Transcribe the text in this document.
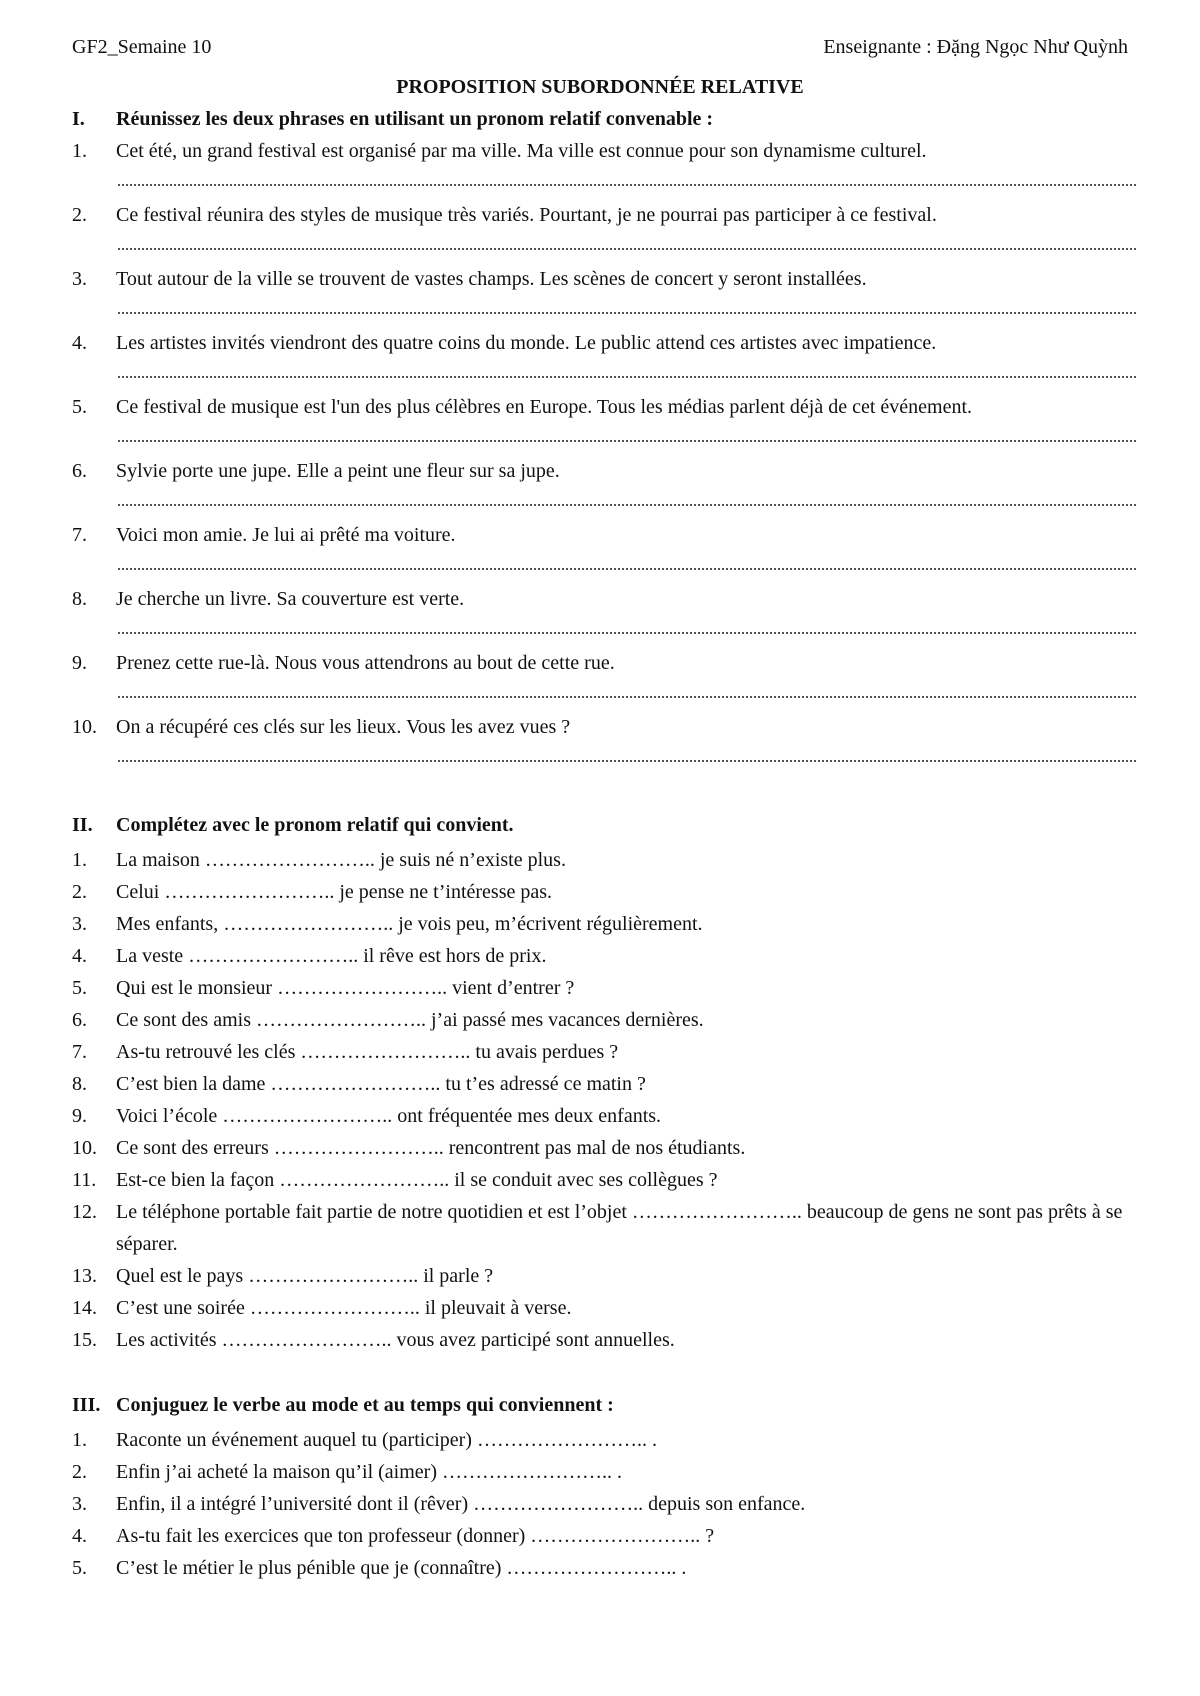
GF2_Semaine 10	Enseignante : Đặng Ngọc Như Quỳnh
PROPOSITION SUBORDONNÉE RELATIVE
I. Réunissez les deux phrases en utilisant un pronom relatif convenable :
1.	Cet été, un grand festival est organisé par ma ville. Ma ville est connue pour son dynamisme culturel.
2.	Ce festival réunira des styles de musique très variés. Pourtant, je ne pourrai pas participer à ce festival.
3.	Tout autour de la ville se trouvent de vastes champs. Les scènes de concert y seront installées.
4.	Les artistes invités viendront des quatre coins du monde. Le public attend ces artistes avec impatience.
5.	Ce festival de musique est l'un des plus célèbres en Europe. Tous les médias parlent déjà de cet événement.
6.	Sylvie porte une jupe. Elle a peint une fleur sur sa jupe.
7.	Voici mon amie. Je lui ai prêté ma voiture.
8.	Je cherche un livre. Sa couverture est verte.
9.	Prenez cette rue-là. Nous vous attendrons au bout de cette rue.
10. On a récupéré ces clés sur les lieux. Vous les avez vues ?
II. Complétez avec le pronom relatif qui convient.
1.	La maison …………………….. je suis né n’existe plus.
2.	Celui …………………….. je pense ne t’intéresse pas.
3.	Mes enfants, …………………….. je vois peu, m’écrivent régulièrement.
4.	La veste …………………….. il rêve est hors de prix.
5.	Qui est le monsieur …………………….. vient d’entrer ?
6.	Ce sont des amis …………………….. j’ai passé mes vacances dernières.
7.	As-tu retrouvé les clés …………………….. tu avais perdues ?
8.	C’est bien la dame …………………….. tu t’es adressé ce matin ?
9.	Voici l’école …………………….. ont fréquentée mes deux enfants.
10. Ce sont des erreurs …………………….. rencontrent pas mal de nos étudiants.
11. Est-ce bien la façon …………………….. il se conduit avec ses collègues ?
12. Le téléphone portable fait partie de notre quotidien et est l’objet …………………….. beaucoup de gens ne sont pas prêts à se séparer.
13. Quel est le pays …………………….. il parle ?
14. C’est une soirée …………………….. il pleuvait à verse.
15. Les activités …………………….. vous avez participé sont annuelles.
III. Conjuguez le verbe au mode et au temps qui conviennent :
1.	Raconte un événement auquel tu (participer) …………………….. .
2.	Enfin j’ai acheté la maison qu’il (aimer) …………………….. .
3.	Enfin, il a intégré l’université dont il (rêver) …………………….. depuis son enfance.
4.	As-tu fait les exercices que ton professeur (donner) …………………….. ?
5.	C’est le métier le plus pénible que je (connaître) …………………….. .
